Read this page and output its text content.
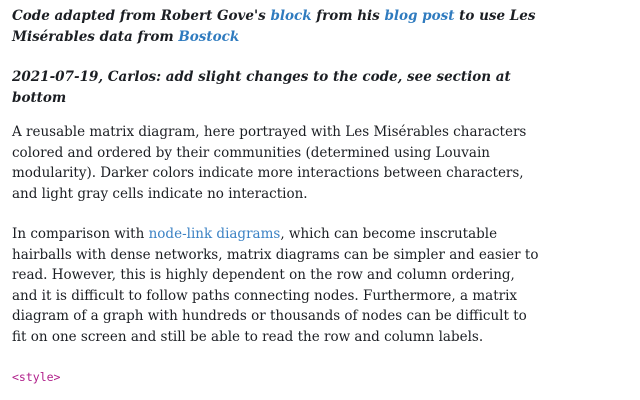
Code adapted from Robert Gove's block from his blog post to use Les Misérables data from Bostock

2021-07-19, Carlos: add slight changes to the code, see section at bottom

A reusable matrix diagram, here portrayed with Les Misérables characters colored and ordered by their communities (determined using Louvain modularity). Darker colors indicate more interactions between characters, and light gray cells indicate no interaction.

In comparison with node-link diagrams, which can become inscrutable hairballs with dense networks, matrix diagrams can be simpler and easier to read. However, this is highly dependent on the row and column ordering, and it is difficult to follow paths connecting nodes. Furthermore, a matrix diagram of a graph with hundreds or thousands of nodes can be difficult to fit on one screen and still be able to read the row and column labels.

<style>
